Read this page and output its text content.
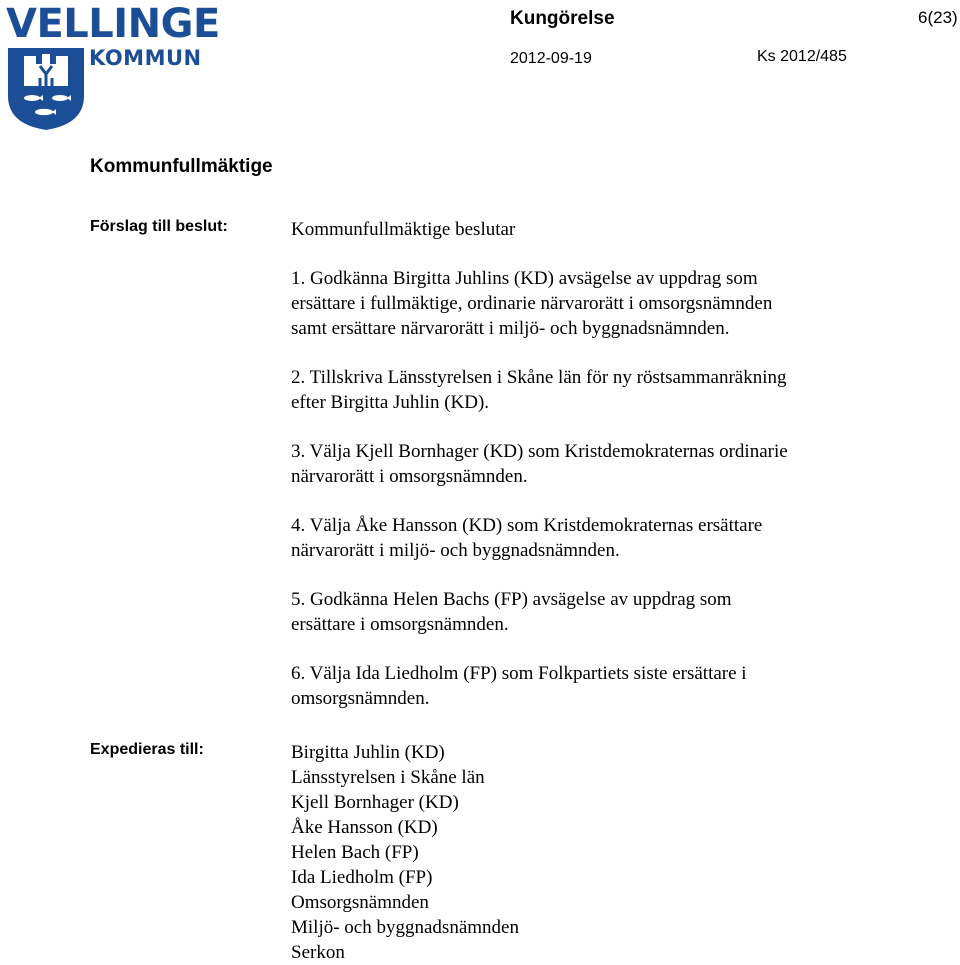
VELLINGE
KOMMUN
Kungörelse	6(23)
2012-09-19	Ks 2012/485
Kommunfullmäktige
Förslag till beslut:	Kommunfullmäktige beslutar

1. Godkänna Birgitta Juhlins (KD) avsägelse av uppdrag som
ersättare i fullmäktige, ordinarie närvarorätt i omsorgsnämnden
samt ersättare närvarorätt i miljö- och byggnadsnämnden.

2. Tillskriva Länsstyrelsen i Skåne län för ny röstsammanräkning
efter Birgitta Juhlin (KD).

3. Välja Kjell Bornhager (KD) som Kristdemokraternas ordinarie
närvarorätt i omsorgsnämnden.

4. Välja Åke Hansson (KD) som Kristdemokraternas ersättare
närvarorätt i miljö- och byggnadsnämnden.

5. Godkänna Helen Bachs (FP) avsägelse av uppdrag som
ersättare i omsorgsnämnden.

6. Välja Ida Liedholm (FP) som Folkpartiets siste ersättare i
omsorgsnämnden.

Expedieras till:	Birgitta Juhlin (KD)
Länsstyrelsen i Skåne län
Kjell Bornhager (KD)
Åke Hansson (KD)
Helen Bach (FP)
Ida Liedholm (FP)
Omsorgsnämnden
Miljö- och byggnadsnämnden
Serkon
